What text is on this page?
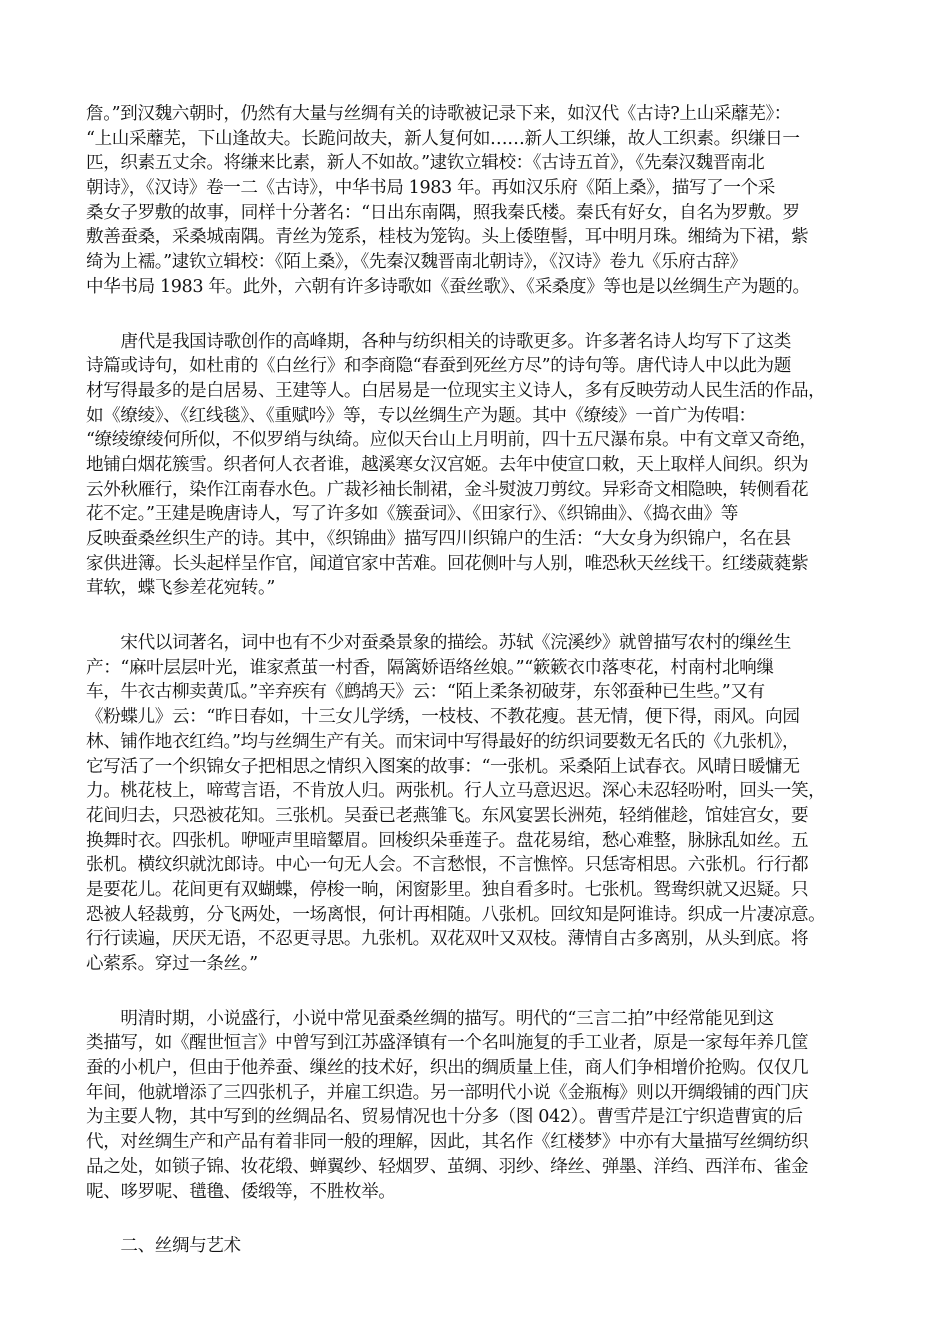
詹。”到汉魏六朝时，仍然有大量与丝绸有关的诗歌被记录下来，如汉代《古诗?上山采蘼芜》：
“上山采蘼芜，下山逢故夫。长跪问故夫，新人复何如……新人工织缣，故人工织素。织缣日一
匹，织素五丈余。将缣来比素，新人不如故。”逮钦立辑校：《古诗五首》，《先秦汉魏晋南北
朝诗》，《汉诗》卷一二《古诗》，中华书局 1983 年。再如汉乐府《陌上桑》，描写了一个采
桑女子罗敷的故事，同样十分著名：“日出东南隅，照我秦氏楼。秦氏有好女，自名为罗敷。罗
敷善蚕桑，采桑城南隅。青丝为笼系，桂枝为笼钩。头上倭堕髻，耳中明月珠。缃绮为下裙，紫
绮为上襦。”逮钦立辑校：《陌上桑》，《先秦汉魏晋南北朝诗》，《汉诗》卷九《乐府古辞》
中华书局 1983 年。此外，六朝有许多诗歌如《蚕丝歌》、《采桑度》等也是以丝绸生产为题的。
　　唐代是我国诗歌创作的高峰期，各种与纺织相关的诗歌更多。许多著名诗人均写下了这类
诗篇或诗句，如杜甫的《白丝行》和李商隐“春蚕到死丝方尽”的诗句等。唐代诗人中以此为题
材写得最多的是白居易、王建等人。白居易是一位现实主义诗人，多有反映劳动人民生活的作品，
如《缭绫》、《红线毯》、《重赋吟》等，专以丝绸生产为题。其中《缭绫》一首广为传唱：
“缭绫缭绫何所似，不似罗绡与纨绮。应似天台山上月明前，四十五尺瀑布泉。中有文章又奇绝，
地铺白烟花簇雪。织者何人衣者谁，越溪寒女汉宫姬。去年中使宣口敕，天上取样人间织。织为
云外秋雁行，染作江南春水色。广裁衫袖长制裙，金斗熨波刀剪纹。异彩奇文相隐映，转侧看花
花不定。”王建是晚唐诗人，写了许多如《簇蚕词》、《田家行》、《织锦曲》、《捣衣曲》等
反映蚕桑丝织生产的诗。其中，《织锦曲》描写四川织锦户的生活：“大女身为织锦户，名在县
家供进簿。长头起样呈作官，闻道官家中苦难。回花侧叶与人别，唯恐秋天丝线干。红缕葳蕤紫
茸软，蝶飞参差花宛转。”
　　宋代以词著名，词中也有不少对蚕桑景象的描绘。苏轼《浣溪纱》就曾描写农村的缫丝生
产：“麻叶层层叶光，谁家煮茧一村香，隔篱娇语络丝娘。”“簌簌衣巾落枣花，村南村北响缫
车，牛衣古柳卖黄瓜。”辛弃疾有《鹧鸪天》云：“陌上柔条初破芽，东邻蚕种已生些。”又有
《粉蝶儿》云：“昨日春如，十三女儿学绣，一枝枝、不教花瘦。甚无情，便下得，雨风。向园
林、铺作地衣红绉。”均与丝绸生产有关。而宋词中写得最好的纺织词要数无名氏的《九张机》，
它写活了一个织锦女子把相思之情织入图案的故事：“一张机。采桑陌上试春衣。风晴日暖慵无
力。桃花枝上，啼莺言语，不肯放人归。两张机。行人立马意迟迟。深心未忍轻吩咐，回头一笑，
花间归去，只恐被花知。三张机。吴蚕已老燕雏飞。东风宴罢长洲苑，轻绡催趁，馆娃宫女，要
换舞时衣。四张机。咿哑声里暗颦眉。回梭织朵垂莲子。盘花易绾，愁心难整，脉脉乱如丝。五
张机。横纹织就沈郎诗。中心一句无人会。不言愁恨，不言憔悴。只恁寄相思。六张机。行行都
是要花儿。花间更有双蝴蝶，停梭一晌，闲窗影里。独自看多时。七张机。鸳鸯织就又迟疑。只
恐被人轻裁剪，分飞两处，一场离恨，何计再相随。八张机。回纹知是阿谁诗。织成一片凄凉意。
行行读遍，厌厌无语，不忍更寻思。九张机。双花双叶又双枝。薄情自古多离别，从头到底。将
心萦系。穿过一条丝。”
　　明清时期，小说盛行，小说中常见蚕桑丝绸的描写。明代的“三言二拍”中经常能见到这
类描写，如《醒世恒言》中曾写到江苏盛泽镇有一个名叫施复的手工业者，原是一家每年养几筐
蚕的小机户，但由于他养蚕、缫丝的技术好，织出的绸质量上佳，商人们争相增价抢购。仅仅几
年间，他就增添了三四张机子，并雇工织造。另一部明代小说《金瓶梅》则以开绸缎铺的西门庆
为主要人物，其中写到的丝绸品名、贸易情况也十分多（图 042）。曹雪芹是江宁织造曹寅的后
代，对丝绸生产和产品有着非同一般的理解，因此，其名作《红楼梦》中亦有大量描写丝绸纺织
品之处，如锁子锦、妆花缎、蝉翼纱、轻烟罗、茧绸、羽纱、绛丝、弹墨、洋绉、西洋布、雀金
呢、哆罗呢、氆氇、倭缎等，不胜枚举。
　　二、丝绸与艺术
